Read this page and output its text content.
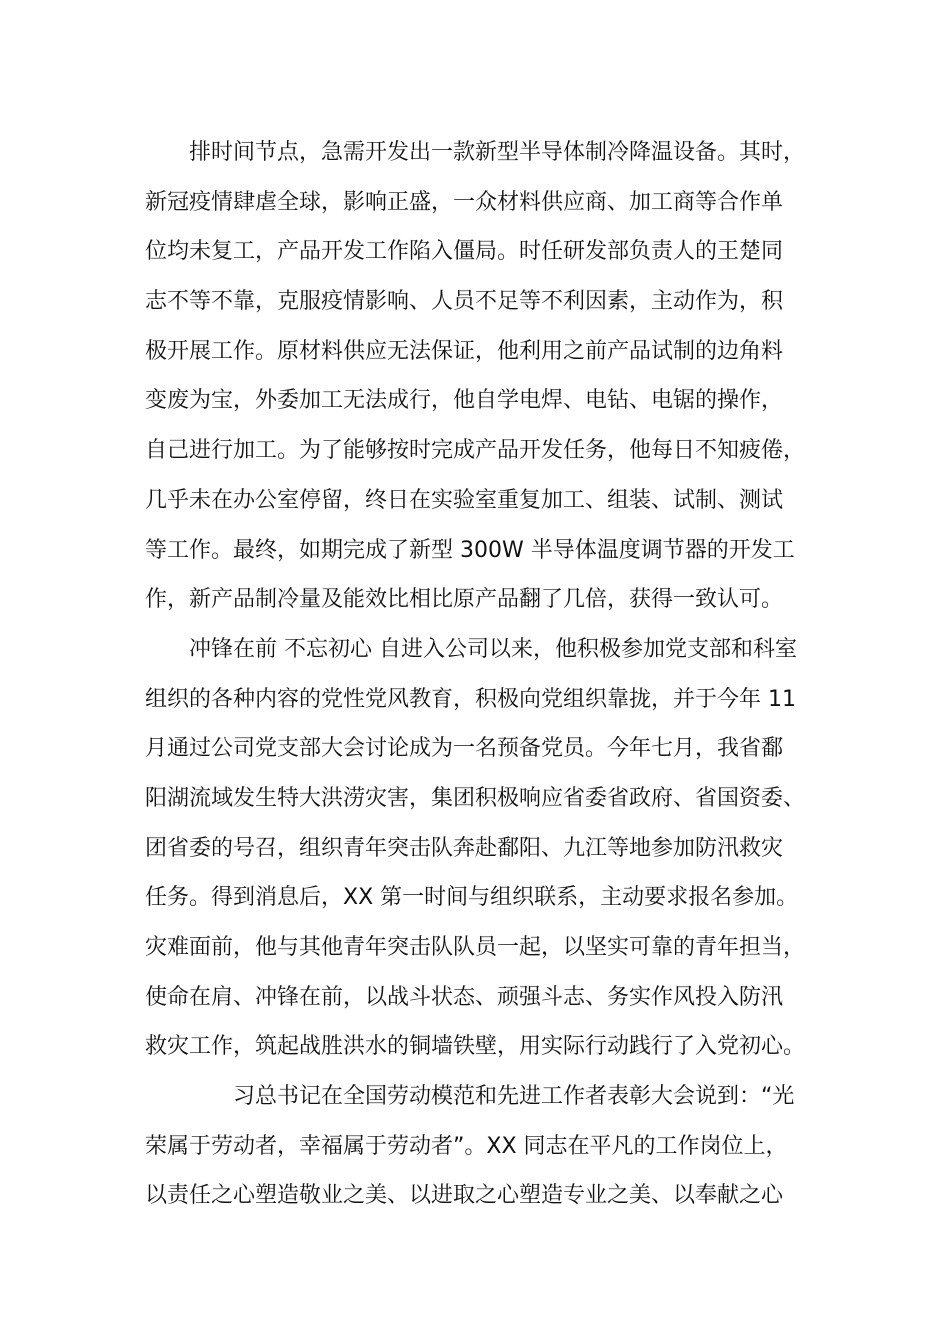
排时间节点，急需开发出一款新型半导体制冷降温设备。其时，
新冠疫情肆虐全球，影响正盛，一众材料供应商、加工商等合作单
位均未复工，产品开发工作陷入僵局。时任研发部负责人的王楚同
志不等不靠，克服疫情影响、人员不足等不利因素，主动作为，积
极开展工作。原材料供应无法保证，他利用之前产品试制的边角料
变废为宝，外委加工无法成行，他自学电焊、电钻、电锯的操作，
自己进行加工。为了能够按时完成产品开发任务，他每日不知疲倦，
几乎未在办公室停留，终日在实验室重复加工、组装、试制、测试
等工作。最终，如期完成了新型 300W 半导体温度调节器的开发工
作，新产品制冷量及能效比相比原产品翻了几倍，获得一致认可。
冲锋在前 不忘初心 自进入公司以来，他积极参加党支部和科室
组织的各种内容的党性党风教育，积极向党组织靠拢，并于今年 11
月通过公司党支部大会讨论成为一名预备党员。今年七月，我省鄱
阳湖流域发生特大洪涝灾害，集团积极响应省委省政府、省国资委、
团省委的号召，组织青年突击队奔赴鄱阳、九江等地参加防汛救灾
任务。得到消息后，XX 第一时间与组织联系，主动要求报名参加。
灾难面前，他与其他青年突击队队员一起，以坚实可靠的青年担当，
使命在肩、冲锋在前，以战斗状态、顽强斗志、务实作风投入防汛
救灾工作，筑起战胜洪水的铜墙铁壁，用实际行动践行了入党初心。
习总书记在全国劳动模范和先进工作者表彰大会说到：“光
荣属于劳动者，幸福属于劳动者”。XX 同志在平凡的工作岗位上，
以责任之心塑造敬业之美、以进取之心塑造专业之美、以奉献之心
